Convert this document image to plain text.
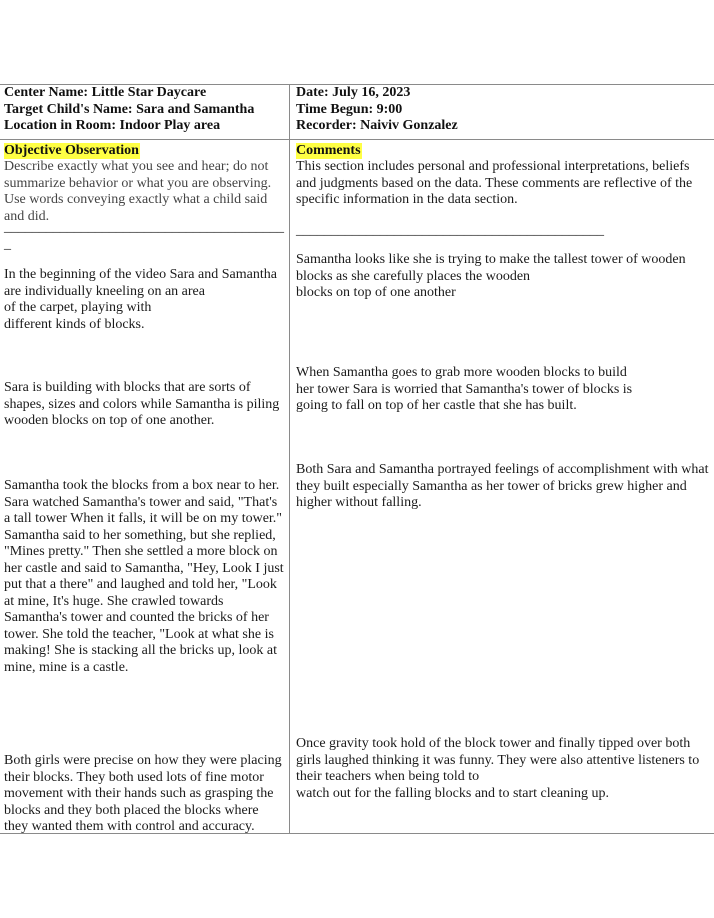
Center Name: Little Star Daycare
Target Child's Name: Sara and Samantha
Location in Room: Indoor Play area
Date: July 16, 2023
Time Begun: 9:00
Recorder: Naiviv Gonzalez
Objective Observation
Describe exactly what you see and hear; do not summarize behavior or what you are observing. Use words conveying exactly what a child said and did.
________________________________________
_
In the beginning of the video Sara and Samantha
are individually kneeling on an area
of the carpet, playing with
different kinds of blocks.
Sara is building with blocks that are sorts of
shapes, sizes and colors while Samantha is piling
wooden blocks on top of one another.
Samantha took the blocks from a box near to her.
Sara watched Samantha's tower and said, "That's
a tall tower When it falls, it will be on my tower."
Samantha said to her something, but she replied,
"Mines pretty." Then she settled a more block on
her castle and said to Samantha, "Hey, Look I just
put that a there" and laughed and told her, "Look
at mine, It's huge. She crawled towards
Samantha's tower and counted the bricks of her
tower. She told the teacher, "Look at what she is
making! She is stacking all the bricks up, look at
mine, mine is a castle.
Both girls were precise on how they were placing
their blocks. They both used lots of fine motor
movement with their hands such as grasping the
blocks and they both placed the blocks where
they wanted them with control and accuracy.
Comments
This section includes personal and professional interpretations, beliefs and judgments based on the data. These comments are reflective of the specific information in the data section.
____________________________________________
Samantha looks like she is trying to make the tallest tower of wooden
blocks as she carefully places the wooden
blocks on top of one another
When Samantha goes to grab more wooden blocks to build
her tower Sara is worried that Samantha's tower of blocks is
going to fall on top of her castle that she has built.
Both Sara and Samantha portrayed feelings of accomplishment with what
they built especially Samantha as her tower of bricks grew higher and
higher without falling.
Once gravity took hold of the block tower and finally tipped over both
girls laughed thinking it was funny. They were also attentive listeners to
their teachers when being told to
watch out for the falling blocks and to start cleaning up.
